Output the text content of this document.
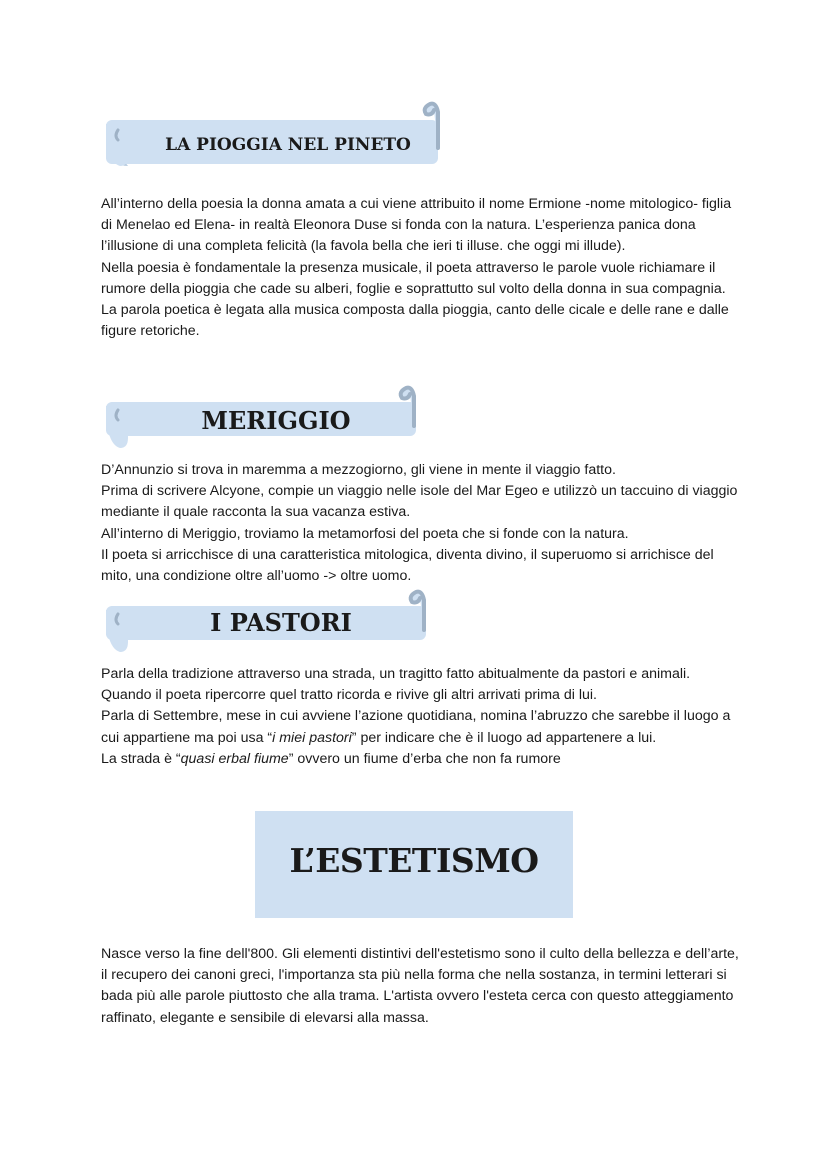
LA PIOGGIA NEL PINETO

All’interno della poesia la donna amata a cui viene attribuito il nome Ermione -nome mitologico- figlia di Menelao ed Elena- in realtà Eleonora Duse si fonda con la natura. L’esperienza panica dona l’illusione di una completa felicità (la favola bella che ieri ti illuse. che oggi mi illude).

Nella poesia è fondamentale la presenza musicale, il poeta attraverso le parole vuole richiamare il rumore della pioggia che cade su alberi, foglie e soprattutto sul volto della donna in sua compagnia.

La parola poetica è legata alla musica composta dalla pioggia, canto delle cicale e delle rane e dalle figure retoriche.

MERIGGIO

D’Annunzio si trova in maremma a mezzogiorno, gli viene in mente il viaggio fatto.

Prima di scrivere Alcyone, compie un viaggio nelle isole del Mar Egeo e utilizzò un taccuino di viaggio mediante il quale racconta la sua vacanza estiva.

All’interno di Meriggio, troviamo la metamorfosi del poeta che si fonde con la natura.

Il poeta si arricchisce di una caratteristica mitologica, diventa divino, il superuomo si arrichisce del mito, una condizione oltre all’uomo -> oltre uomo.

I PASTORI

Parla della tradizione attraverso una strada, un tragitto fatto abitualmente da pastori e animali. Quando il poeta ripercorre quel tratto ricorda e rivive gli altri arrivati prima di lui.

Parla di Settembre, mese in cui avviene l’azione quotidiana, nomina l’abruzzo che sarebbe il luogo a cui appartiene ma poi usa “i miei pastori” per indicare che è il luogo ad appartenere a lui.

La strada è “quasi erbal fiume” ovvero un fiume d’erba che non fa rumore

L’ESTETISMO

Nasce verso la fine dell'800. Gli elementi distintivi dell'estetismo sono il culto della bellezza e dell’arte, il recupero dei canoni greci, l'importanza sta più nella forma che nella sostanza, in termini letterari si bada più alle parole piuttosto che alla trama. L'artista ovvero l'esteta cerca con questo atteggiamento raffinato, elegante e sensibile di elevarsi alla massa.
